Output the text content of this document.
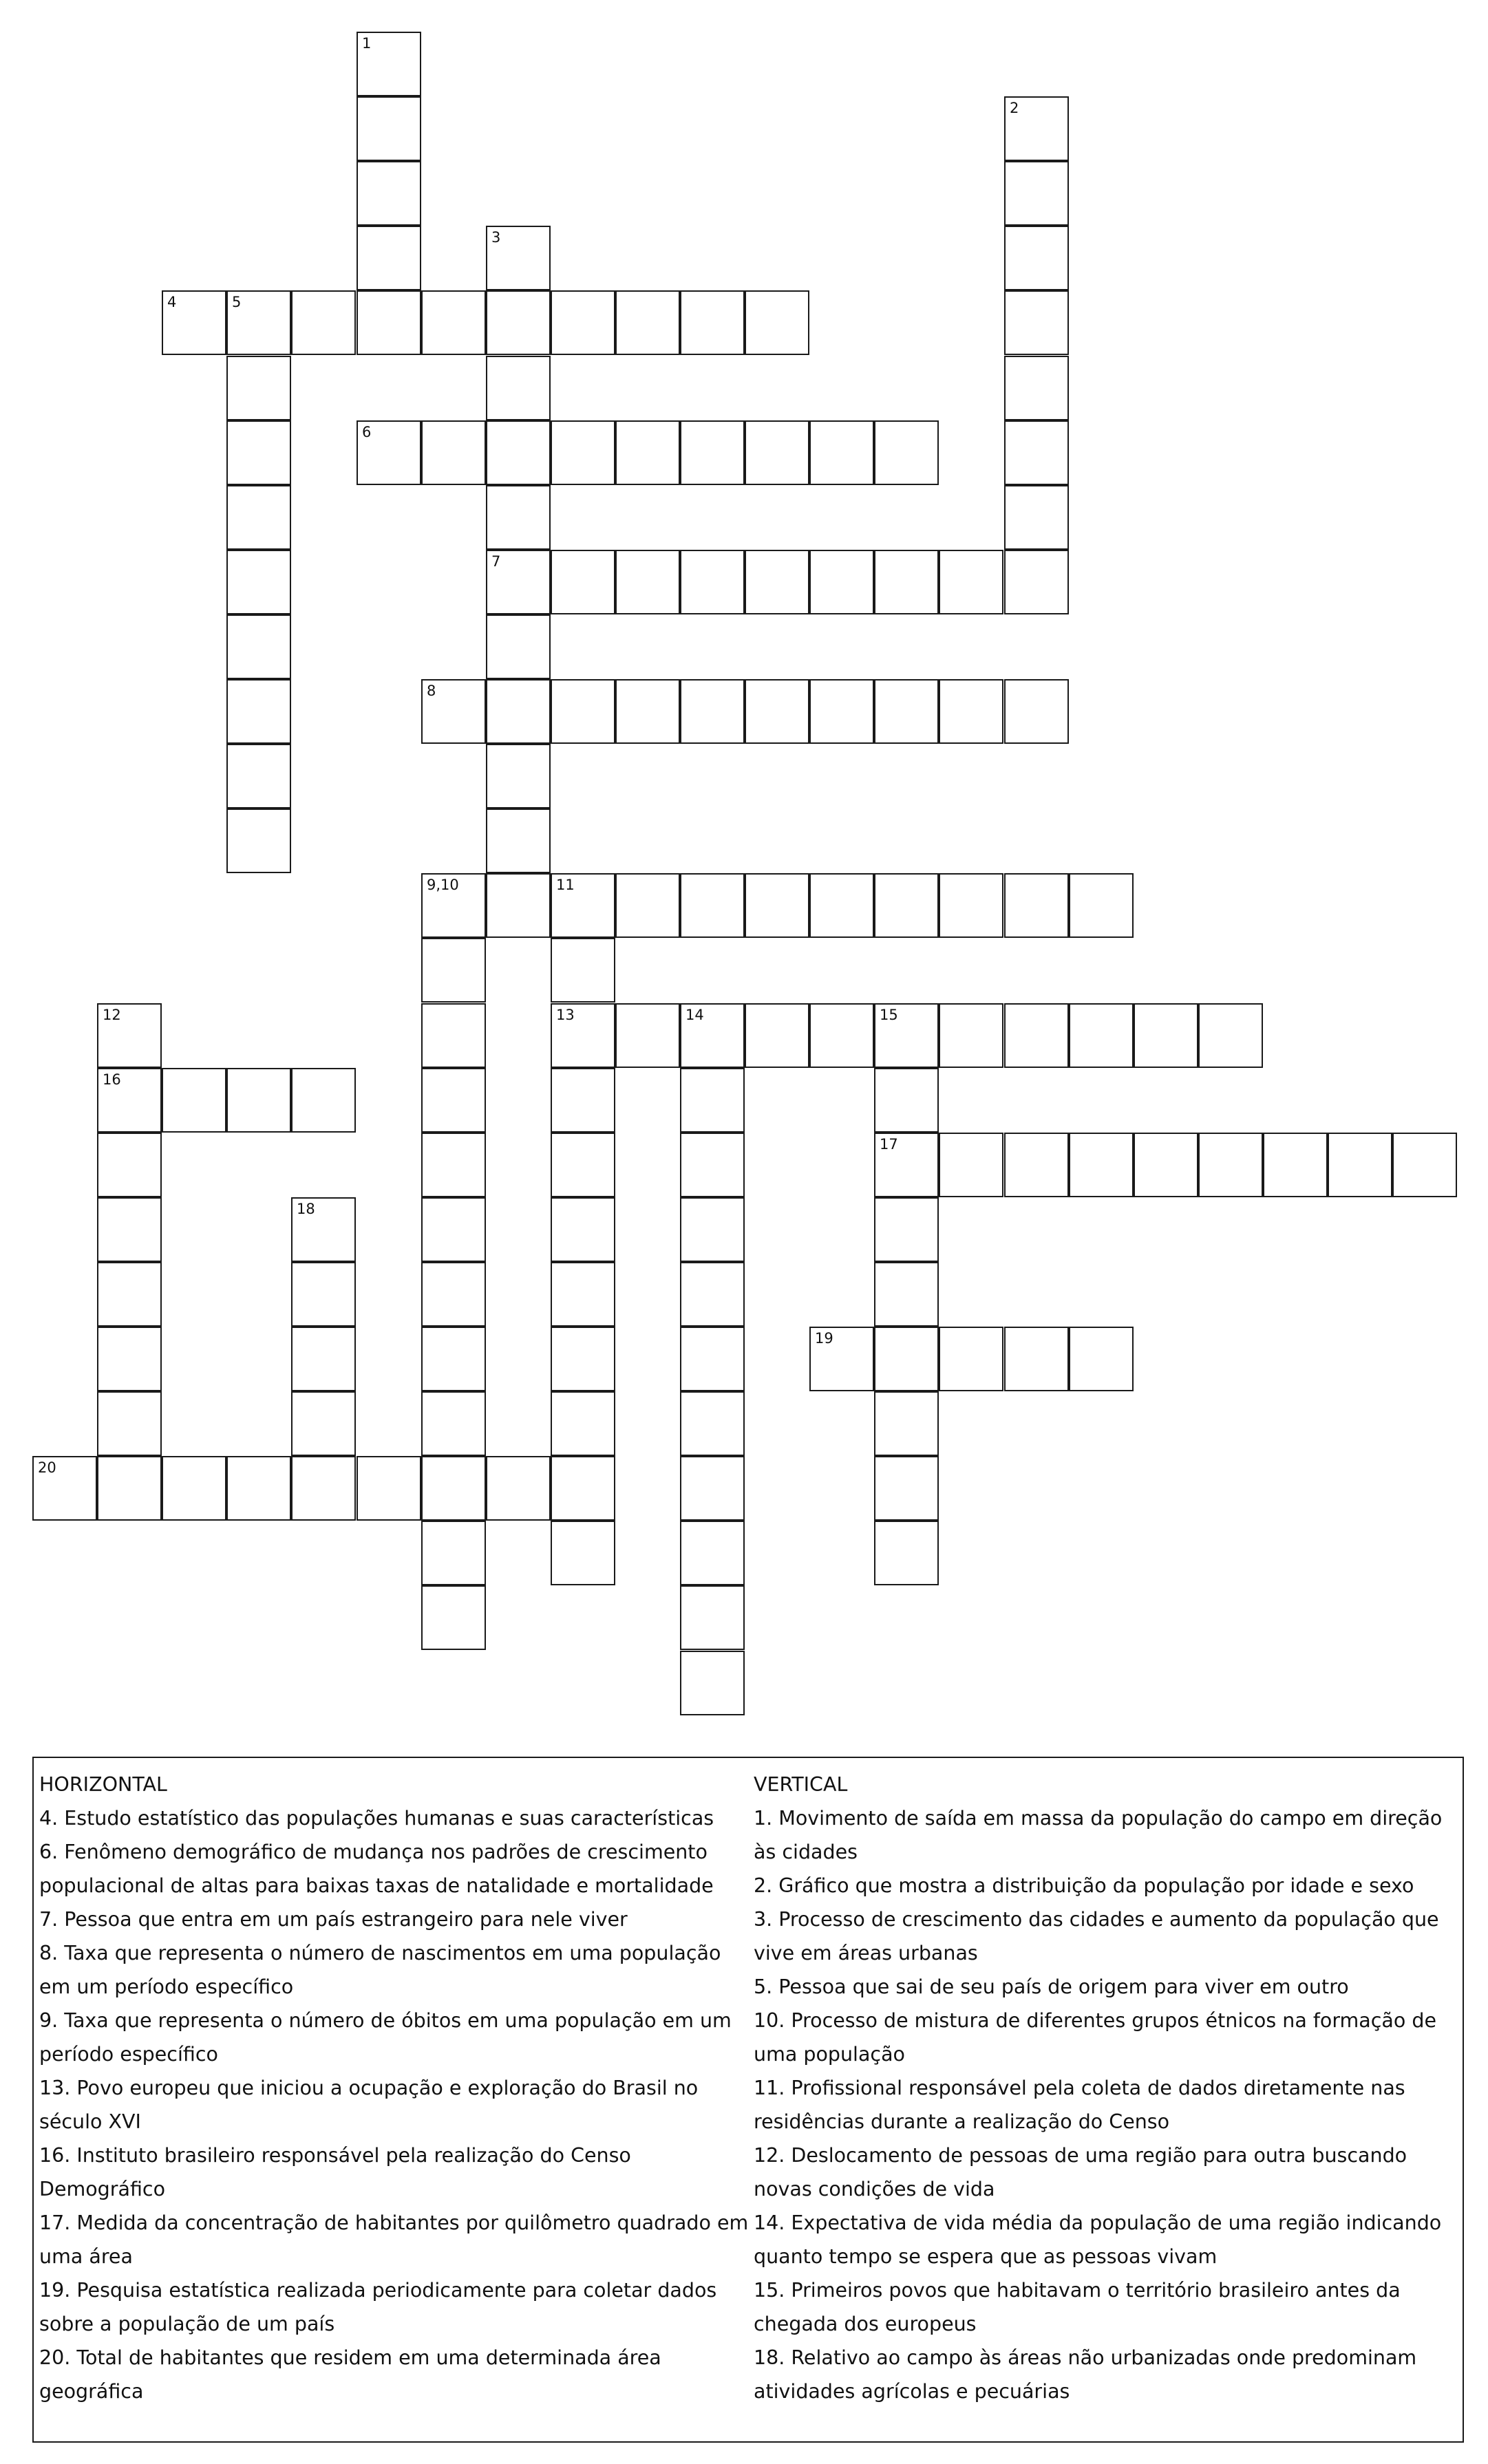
1
2
3
4	5
6
7
8
9,10	11
12	13	14	15
16
17
18
19
20
HORIZONTAL
4. Estudo estatístico das populações humanas e suas características
6. Fenômeno demográfico de mudança nos padrões de crescimento populacional de altas para baixas taxas de natalidade e mortalidade
7. Pessoa que entra em um país estrangeiro para nele viver
8. Taxa que representa o número de nascimentos em uma população em um período específico
9. Taxa que representa o número de óbitos em uma população em um período específico
13. Povo europeu que iniciou a ocupação e exploração do Brasil no século XVI
16. Instituto brasileiro responsável pela realização do Censo Demográfico
17. Medida da concentração de habitantes por quilômetro quadrado em uma área
19. Pesquisa estatística realizada periodicamente para coletar dados sobre a população de um país
20. Total de habitantes que residem em uma determinada área geográfica
VERTICAL
1. Movimento de saída em massa da população do campo em direção às cidades
2. Gráfico que mostra a distribuição da população por idade e sexo
3. Processo de crescimento das cidades e aumento da população que vive em áreas urbanas
5. Pessoa que sai de seu país de origem para viver em outro
10. Processo de mistura de diferentes grupos étnicos na formação de uma população
11. Profissional responsável pela coleta de dados diretamente nas residências durante a realização do Censo
12. Deslocamento de pessoas de uma região para outra buscando novas condições de vida
14. Expectativa de vida média da população de uma região indicando quanto tempo se espera que as pessoas vivam
15. Primeiros povos que habitavam o território brasileiro antes da chegada dos europeus
18. Relativo ao campo às áreas não urbanizadas onde predominam atividades agrícolas e pecuárias
